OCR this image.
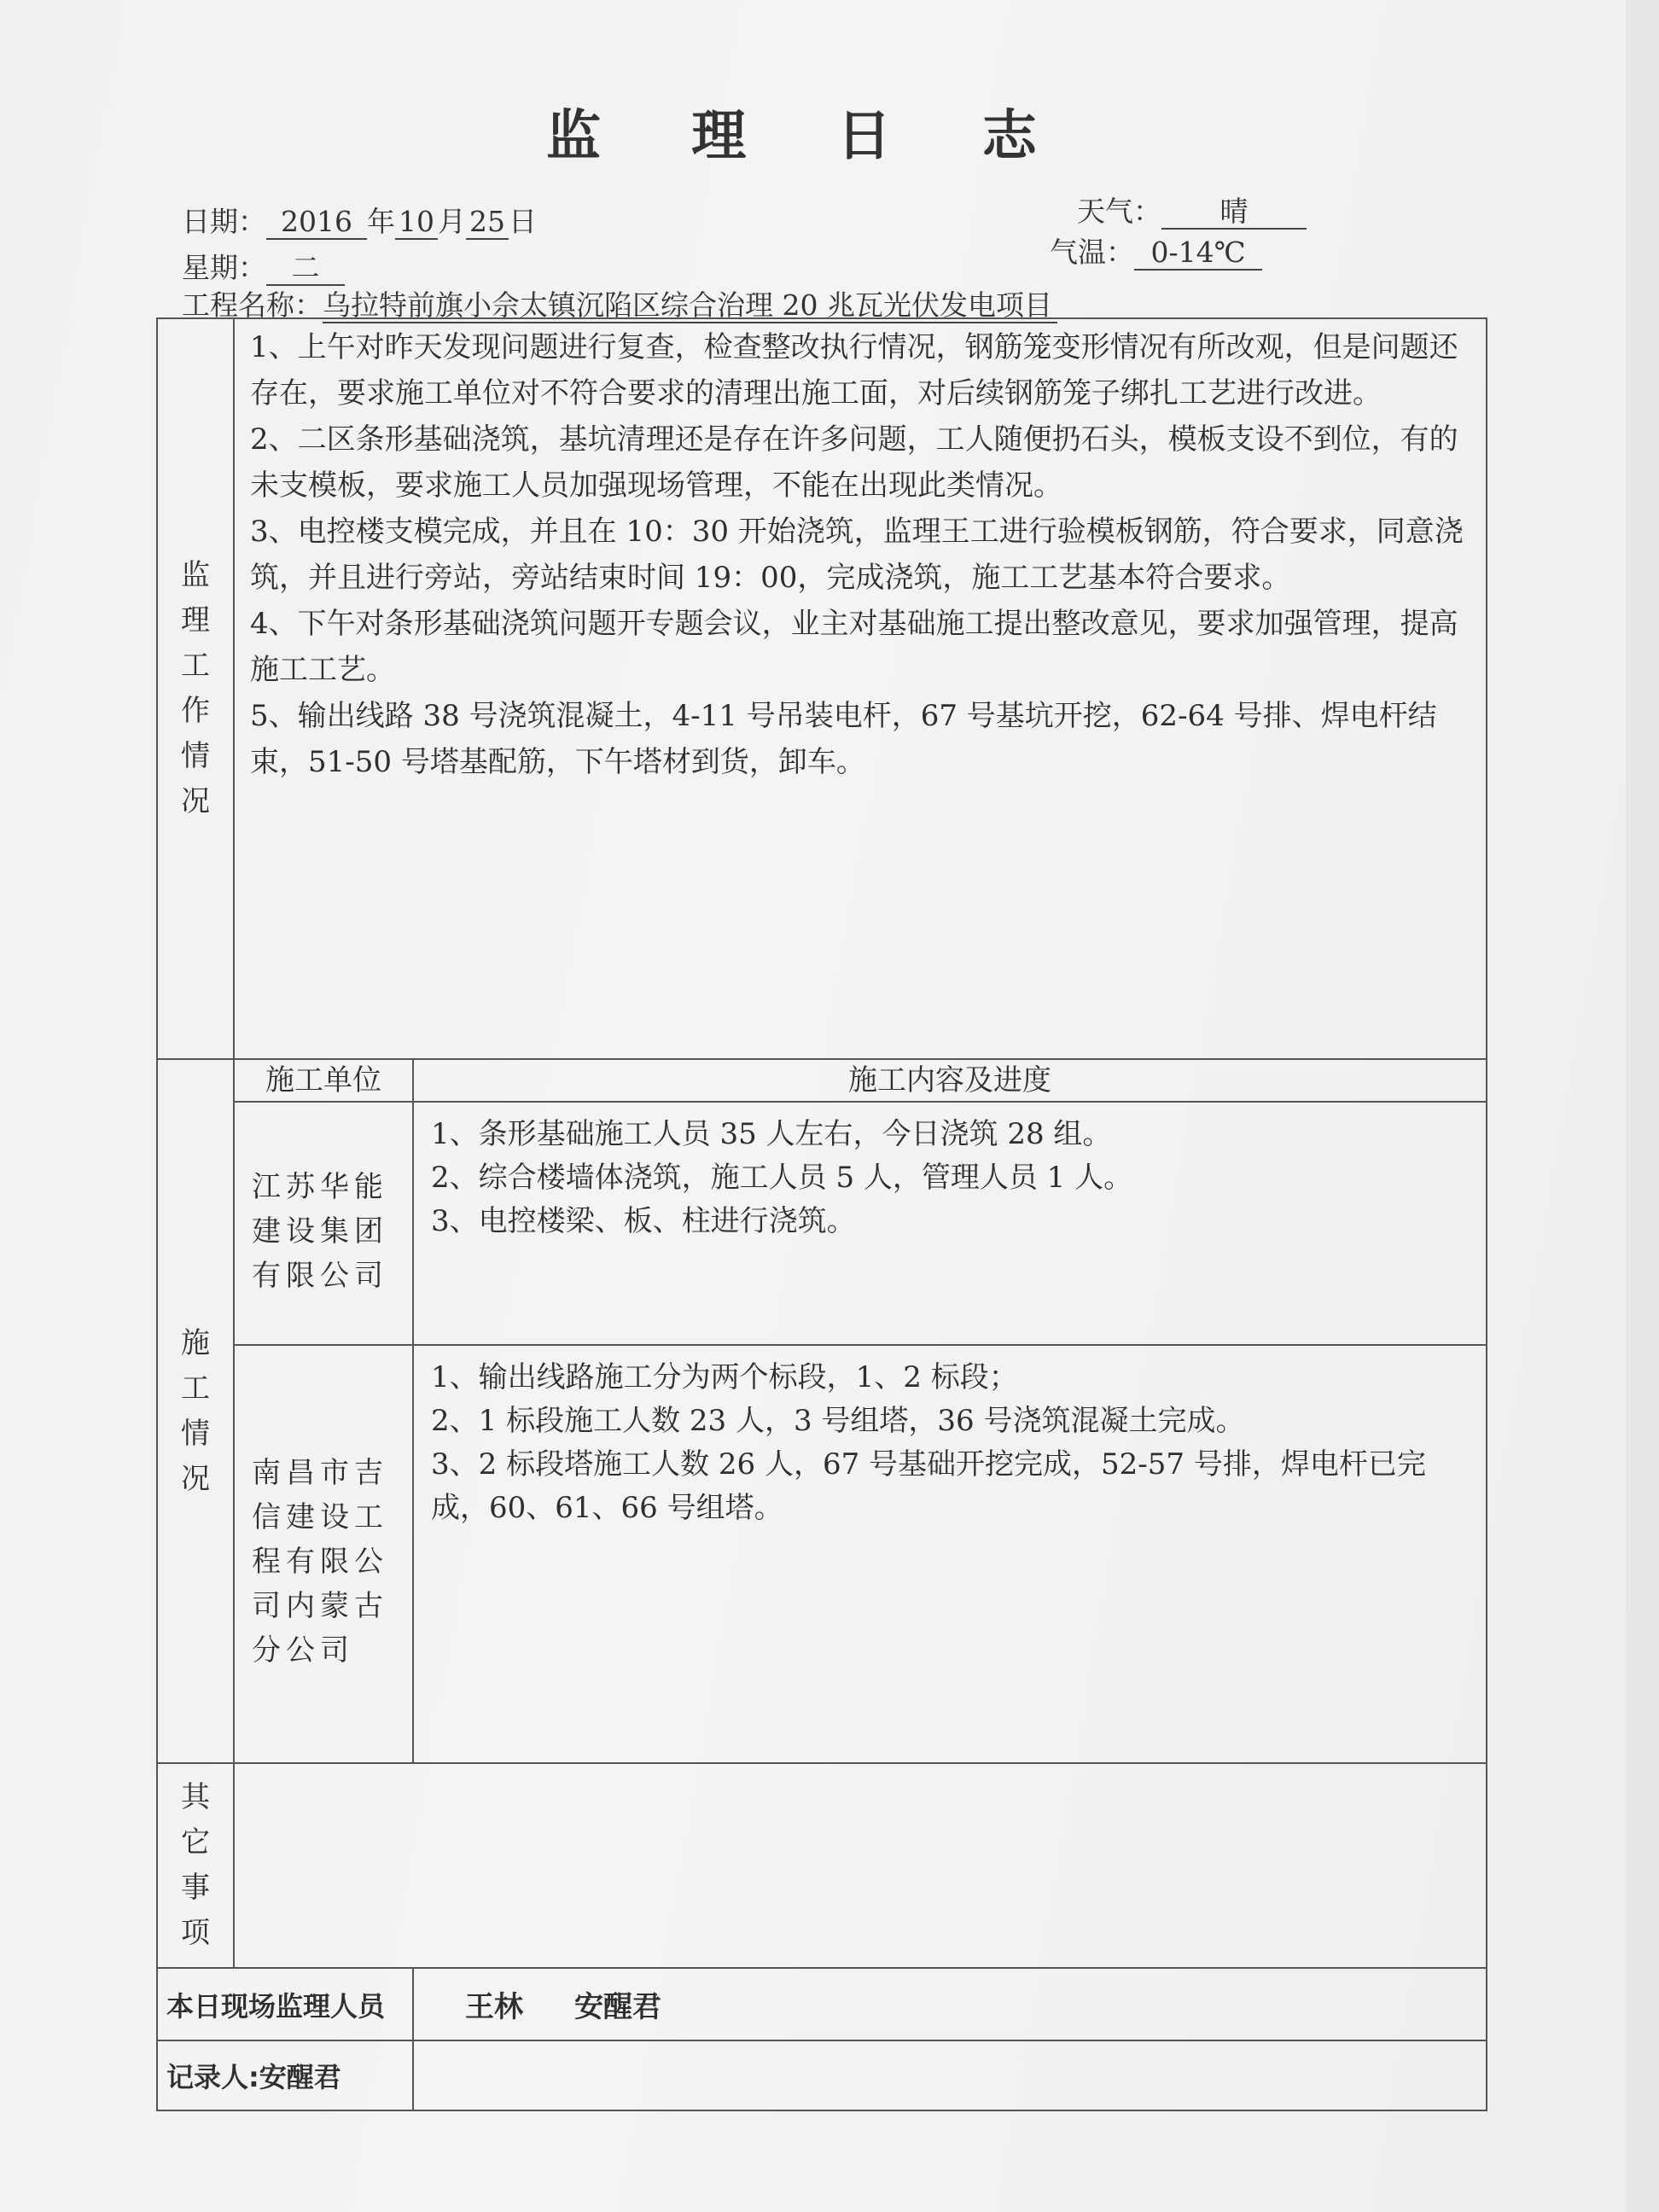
监 理 日 志
日期： 2016 年 10 月 25 日
星期： 二
天气： 晴
气温： 0-14℃
工程名称：乌拉特前旗小佘太镇沉陷区综合治理 20 兆瓦光伏发电项目
监理工作情况	1、上午对昨天发现问题进行复查，检查整改执行情况，钢筋笼变形情况有所改观，但是问题还存在，要求施工单位对不符合要求的清理出施工面，对后续钢筋笼子绑扎工艺进行改进。

2、二区条形基础浇筑，基坑清理还是存在许多问题，工人随便扔石头，模板支设不到位，有的未支模板，要求施工人员加强现场管理，不能在出现此类情况。

3、电控楼支模完成，并且在 10：30 开始浇筑，监理王工进行验模板钢筋，符合要求，同意浇筑，并且进行旁站，旁站结束时间 19：00，完成浇筑，施工工艺基本符合要求。

4、下午对条形基础浇筑问题开专题会议，业主对基础施工提出整改意见，要求加强管理，提高施工工艺。

5、输出线路 38 号浇筑混凝土，4-11 号吊装电杆，67 号基坑开挖，62-64 号排、焊电杆结束，51-50 号塔基配筋，下午塔材到货，卸车。	

施工情况	施工单位	施工内容及进度

	江苏华能建设集团有限公司	1、条形基础施工人员 35 人左右，今日浇筑 28 组。

2、综合楼墙体浇筑，施工人员 5 人，管理人员 1 人。

3、电控楼梁、板、柱进行浇筑。

	南昌市吉信建设工程有限公司内蒙古分公司	1、输出线路施工分为两个标段，1、2 标段；

2、1 标段施工人数 23 人，3 号组塔，36 号浇筑混凝土完成。

3、2 标段塔施工人数 26 人，67 号基础开挖完成，52-57 号排，焊电杆已完成，60、61、66 号组塔。

其它事项		
本日现场监理人员		王林 安醒君
记录人:安醒君		
